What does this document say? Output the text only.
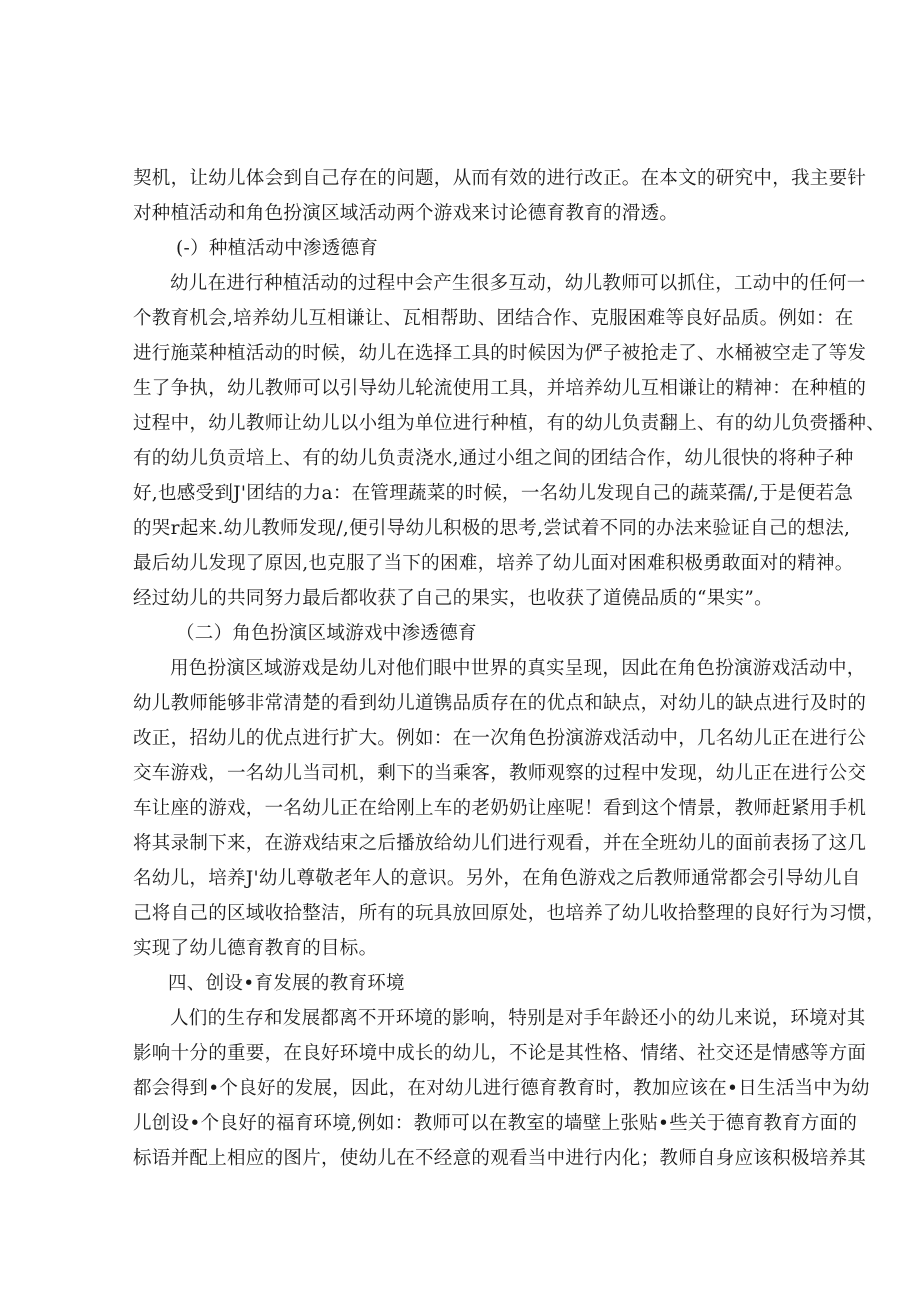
契机，让幼儿体会到自己存在的问题，从而有效的进行改正。在本文的研究中，我主要针
对种植活动和角色扮演区域活动两个游戏来讨论德育教育的滑透。
(-）种植活动中渗透德育
幼儿在进行种植活动的过程中会产生很多互动，幼儿教师可以抓住，工动中的任何一
个教育机会,培养幼儿互相谦让、瓦相帮助、团结合作、克服困难等良好品质。例如：在
进行施菜种植活动的时候，幼儿在选择工具的时候因为俨子被抢走了、水桶被空走了等发
生了争执，幼儿教师可以引导幼儿轮流使用工具，并培养幼儿互相谦让的精神：在种植的
过程中，幼儿教师让幼儿以小组为单位进行种植，有的幼儿负责翻上、有的幼儿负赍播种、
有的幼儿负贡培上、有的幼儿负责浇水,通过小组之间的团结合作，幼儿很快的将种子种
好,也感受到J'团结的力a：在管理蔬菜的时候，一名幼儿发现自己的蔬菜孺/,于是便若急
的哭r起来.幼儿教师发现/,便引导幼儿积极的思考,尝试着不同的办法来验证自己的想法,
最后幼儿发现了原因,也克服了当下的困难，培养了幼儿面对困难积极勇敢面对的精神。
经过幼儿的共同努力最后都收获了自己的果实，也收获了道僥品质的“果实”。
（二）角色扮演区域游戏中渗透德育
用色扮演区域游戏是幼儿对他们眼中世界的真实呈现，因此在角色扮演游戏活动中，
幼儿教师能够非常清楚的看到幼儿道镌品质存在的优点和缺点，对幼儿的缺点进行及时的
改正，招幼儿的优点进行扩大。例如：在一次角色扮演游戏活动中，几名幼儿正在进行公
交车游戏，一名幼儿当司机，剩下的当乘客，教师观察的过程中发现，幼儿正在进行公交
车让座的游戏，一名幼儿正在给刚上车的老奶奶让座呢！看到这个情景，教师赶紧用手机
将其录制下来，在游戏结束之后播放给幼儿们进行观看，并在全班幼儿的面前表扬了这几
名幼儿，培养J'幼儿尊敬老年人的意识。另外，在角色游戏之后教师通常都会引导幼儿自
己将自己的区域收拾整洁，所有的玩具放回原处，也培养了幼儿收拾整理的良好行为习惯，
实现了幼儿德育教育的目标。
四、创设•育发展的教育环境
人们的生存和发展都离不开环境的影响，特别是对手年龄还小的幼儿来说，环境对其
影响十分的重要，在良好环境中成长的幼儿，不论是其性格、情绪、社交还是情感等方面
都会得到•个良好的发展，因此，在对幼儿进行德育教育时，教加应该在•日生活当中为幼
儿创设•个良好的福育环境,例如：教师可以在教室的墙壁上张贴•些关于德育教育方面的
标语并配上相应的图片，使幼儿在不经意的观看当中进行内化；教师自身应该积极培养其
